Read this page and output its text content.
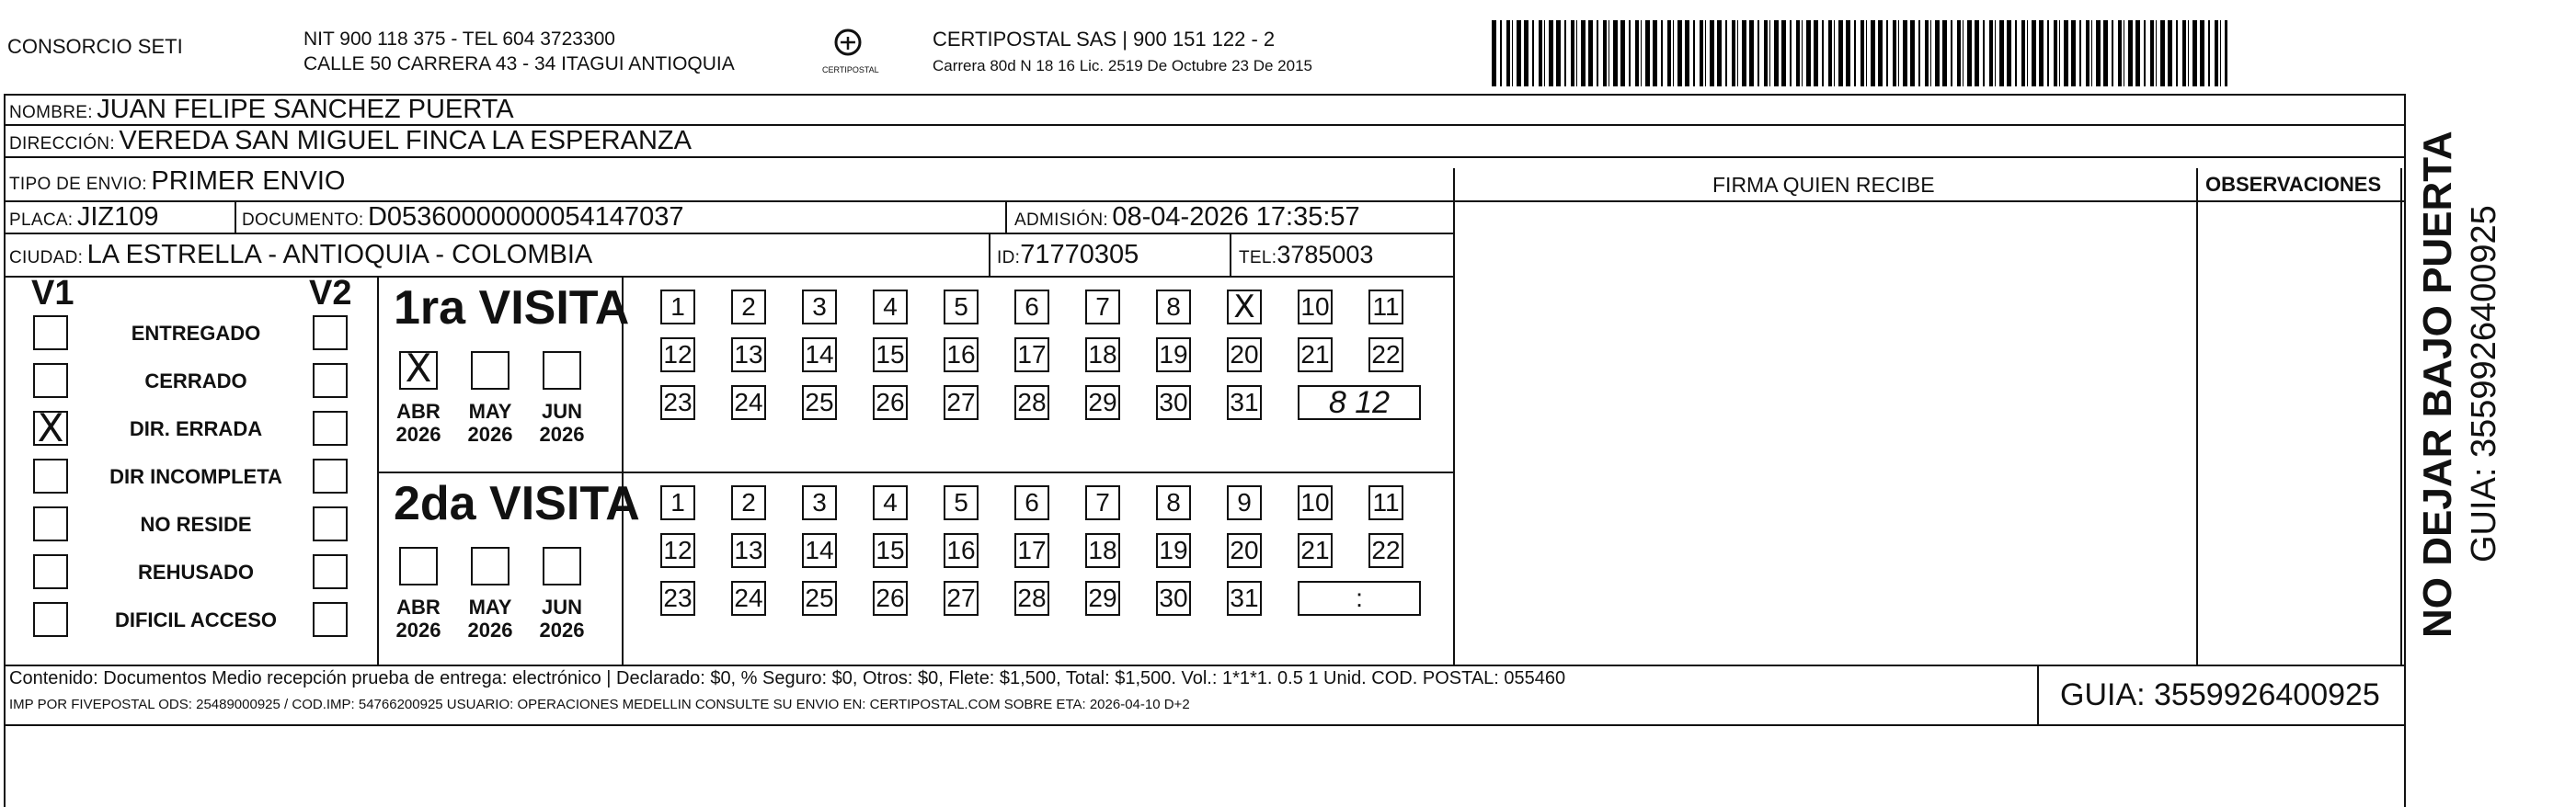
CONSORCIO SETI	NIT 900 118 375 - TEL 604 3723300
CALLE 50 CARRERA 43 - 34 ITAGUI ANTIOQUIA	CERTIPOSTAL
CERTIPOSTAL SAS | 900 151 122 - 2
Carrera 80d N 18 16 Lic. 2519 De Octubre 23 De 2015
NOMBRE: JUAN FELIPE SANCHEZ PUERTA
DIRECCIÓN: VEREDA SAN MIGUEL FINCA LA ESPERANZA
TIPO DE ENVIO: PRIMER ENVIO	FIRMA QUIEN RECIBE	OBSERVACIONES
PLACA: JIZ109	DOCUMENTO: D05360000000054147037	ADMISIÓN: 08-04-2026 17:35:57
CIUDAD: LA ESTRELLA - ANTIOQUIA - COLOMBIA	ID:71770305	TEL:3785003
V1	V2
ENTREGADO
CERRADO
X	DIR. ERRADA
DIR INCOMPLETA
NO RESIDE
REHUSADO
DIFICIL ACCESO
1ra VISITA
2da VISITA
X
ABR
2026
MAY
2026
JUN
2026
1	2	3	4	5	6	7	8	X 10 11
12 13 14 15 16 17 18 19 20 21 22
23 24 25 26 27 28 29 30 31	8 12
ABR
2026
MAY
2026
JUN
2026
1	2	3	4	5	6	7	8	9	10 11
12 13 14 15 16 17 18 19 20 21 22
23 24 25 26 27 28 29 30 31	:
Contenido: Documentos Medio recepción prueba de entrega: electrónico | Declarado: $0, % Seguro: $0, Otros: $0, Flete: $1,500, Total: $1,500. Vol.: 1*1*1. 0.5 1 Unid. COD. POSTAL: 055460
IMP POR FIVEPOSTAL ODS: 25489000925 / COD.IMP: 54766200925 USUARIO: OPERACIONES MEDELLIN CONSULTE SU ENVIO EN: CERTIPOSTAL.COM SOBRE ETA: 2026-04-10 D+2	GUIA: 3559926400925
NO DEJAR BAJO PUERTA GUIA: 3559926400925
